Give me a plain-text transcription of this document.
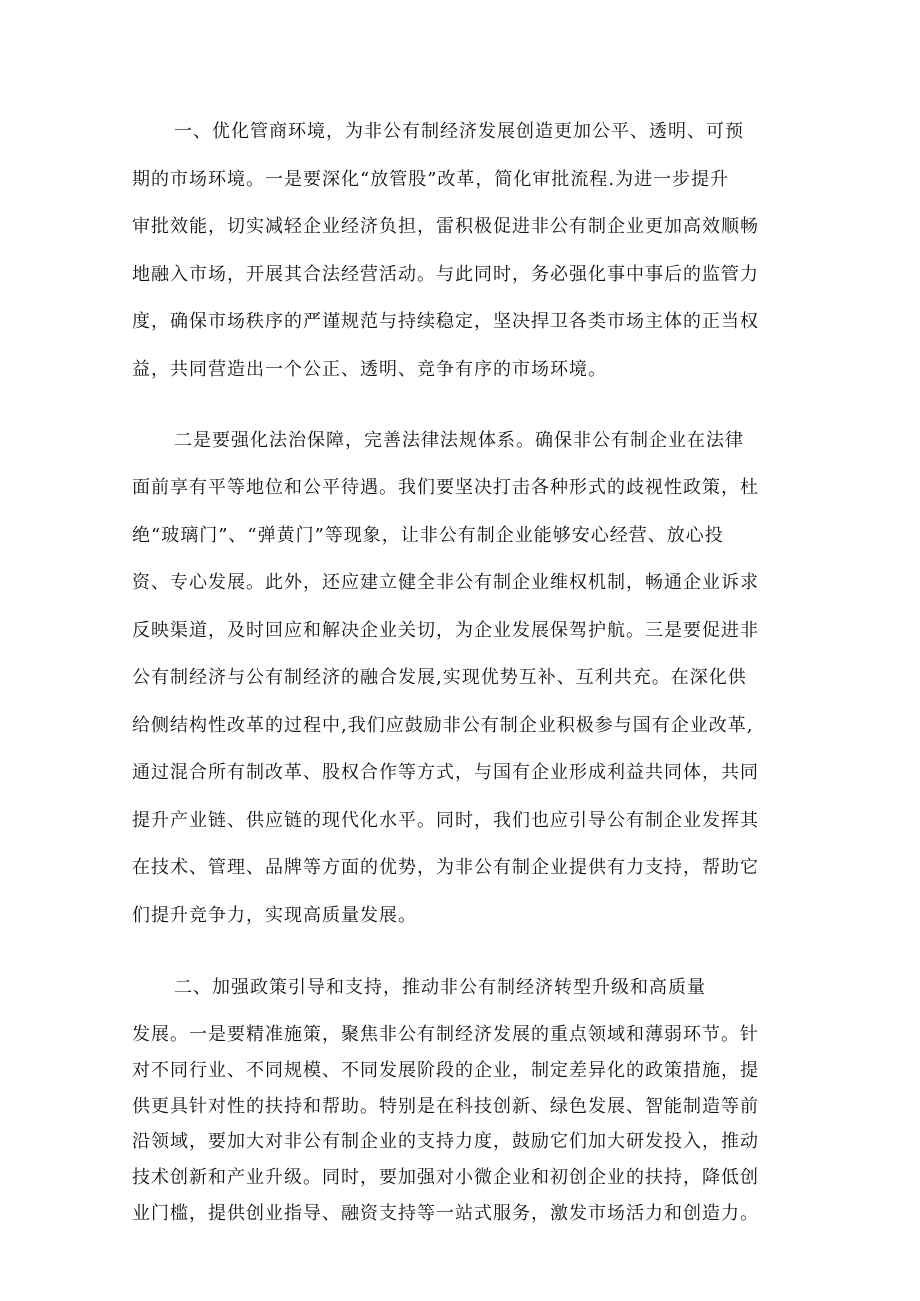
一、优化管商环境，为非公有制经济发展创造更加公平、透明、可预
期的市场环境。一是要深化“放管股”改革，简化审批流程.为进一步提升
审批效能，切实减轻企业经济负担，雷积极促进非公有制企业更加高效顺畅
地融入市场，开展其合法经营活动。与此同时，务必强化事中事后的监管力
度，确保市场秩序的严谨规范与持续稳定，坚决捍卫各类市场主体的正当权
益，共同营造出一个公正、透明、竞争有序的市场环境。
二是要强化法治保障，完善法律法规体系。确保非公有制企业在法律
面前享有平等地位和公平待遇。我们要坚决打击各种形式的歧视性政策，杜
绝“玻璃门”、“弹黄门”等现象，让非公有制企业能够安心经营、放心投
资、专心发展。此外，还应建立健全非公有制企业维权机制，畅通企业诉求
反映渠道，及时回应和解决企业关切，为企业发展保驾护航。三是要促进非
公有制经济与公有制经济的融合发展,实现优势互补、互利共充。在深化供
给侧结构性改革的过程中,我们应鼓励非公有制企业积极参与国有企业改革,
通过混合所有制改革、股权合作等方式，与国有企业形成利益共同体，共同
提升产业链、供应链的现代化水平。同时，我们也应引导公有制企业发挥其
在技术、管理、品牌等方面的优势，为非公有制企业提供有力支持，帮助它
们提升竞争力，实现高质量发展。
二、加强政策引导和支持，推动非公有制经济转型升级和高质量
发展。一是要精准施策，聚焦非公有制经济发展的重点领域和薄弱环节。针
对不同行业、不同规模、不同发展阶段的企业，制定差异化的政策措施，提
供更具针对性的扶持和帮助。特别是在科技创新、绿色发展、智能制造等前
沿领域，要加大对非公有制企业的支持力度，鼓励它们加大研发投入，推动
技术创新和产业升级。同时，要加强对小微企业和初创企业的扶持，降低创
业门槛，提供创业指导、融资支持等一站式服务，激发市场活力和创造力。
